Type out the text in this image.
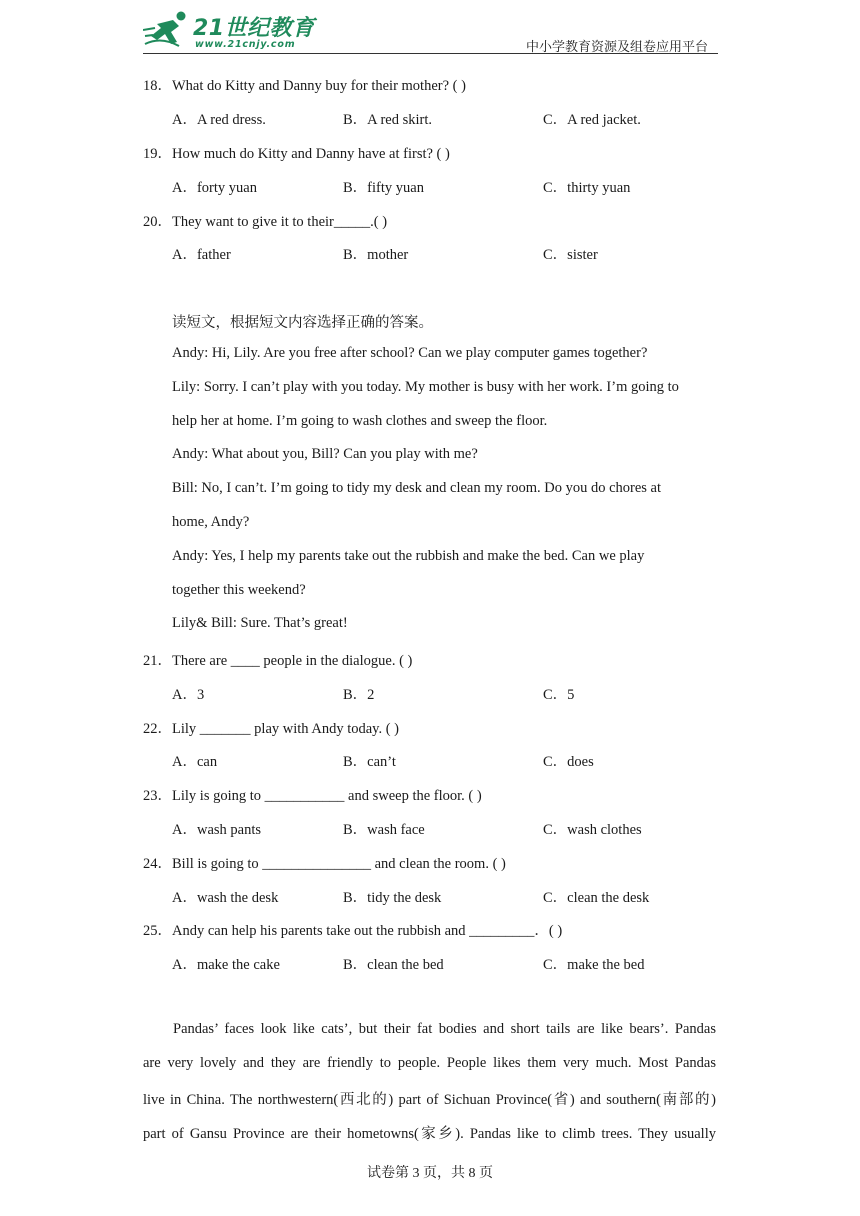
21世纪教育
www.21cnjy.com	中小学教育资源及组卷应用平台
18．What do Kitty and Danny buy for their mother? ( )
A．A red dress.	B．A red skirt.	C．A red jacket.
19．How much do Kitty and Danny have at first? ( )
A．forty yuan	B．fifty yuan	C．thirty yuan
20．They want to give it to their_____.( )
A．father	B．mother	C．sister
读短文，根据短文内容选择正确的答案。
Andy: Hi, Lily. Are you free after school? Can we play computer games together?
Lily: Sorry. I can’t play with you today. My mother is busy with her work. I’m going to
help her at home. I’m going to wash clothes and sweep the floor.
Andy: What about you, Bill? Can you play with me?
Bill: No, I can’t. I’m going to tidy my desk and clean my room. Do you do chores at
home, Andy?
Andy: Yes, I help my parents take out the rubbish and make the bed. Can we play
together this weekend?
Lily& Bill: Sure. That’s great!
21．There are ____ people in the dialogue. ( )
A．3	B．2	C．5
22．Lily _______ play with Andy today. ( )
A．can	B．can’t	C．does
23．Lily is going to ___________ and sweep the floor. ( )
A．wash pants	B．wash face	C．wash clothes
24．Bill is going to _______________ and clean the room. ( )
A．wash the desk	B．tidy the desk	C．clean the desk
25．Andy can help his parents take out the rubbish and _________．( )
A．make the cake	B．clean the bed	C．make the bed
Pandas’ faces look like cats’, but their fat bodies and short tails are like bears’. Pandas
are very lovely and they are friendly to people. People likes them very much. Most Pandas
live in China. The northwestern(西北的) part of Sichuan Province(省) and southern(南部的)
part of Gansu Province are their hometowns(家乡). Pandas like to climb trees. They usually
试卷第 3 页，共 8 页
